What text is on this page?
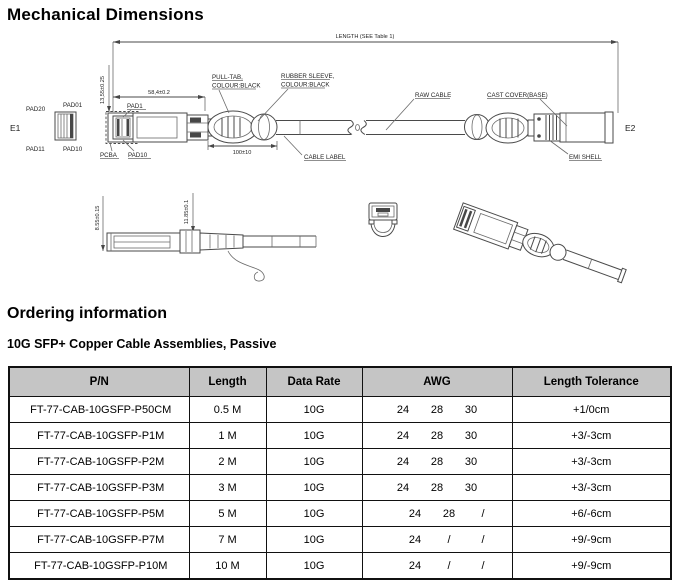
Mechanical Dimensions
LENGTH (SEE Table 1)
E1
PAD20
PAD01
PAD11	PAD10
13,55±0.25	58,4±0.2
PAD1
PCBA PAD10
E2
PULL-TAB,
COLOUR:BLACK
RUBBER SLEEVE,
COLOUR:BLACK
100±10
CABLE LABEL
RAW CABLE	CAST COVER(BASE)
EMI SHELL
8.55±0.15	11.85±0.1
Ordering information
10G SFP+ Copper Cable Assemblies, Passive
P/N	Length	Data Rate	AWG	Length Tolerance
FT-77-CAB-10GSFP-P50CM	0.5 M	10G	24 28 30	+1/0cm
FT-77-CAB-10GSFP-P1M	1 M	10G	24 28 30	+3/-3cm
FT-77-CAB-10GSFP-P2M	2 M	10G	24 28 30	+3/-3cm
FT-77-CAB-10GSFP-P3M	3 M	10G	24 28 30	+3/-3cm
FT-77-CAB-10GSFP-P5M	5 M	10G	24 28 /	+6/-6cm
FT-77-CAB-10GSFP-P7M	7 M	10G	24 / /	+9/-9cm
FT-77-CAB-10GSFP-P10M	10 M	10G	24 / /	+9/-9cm
